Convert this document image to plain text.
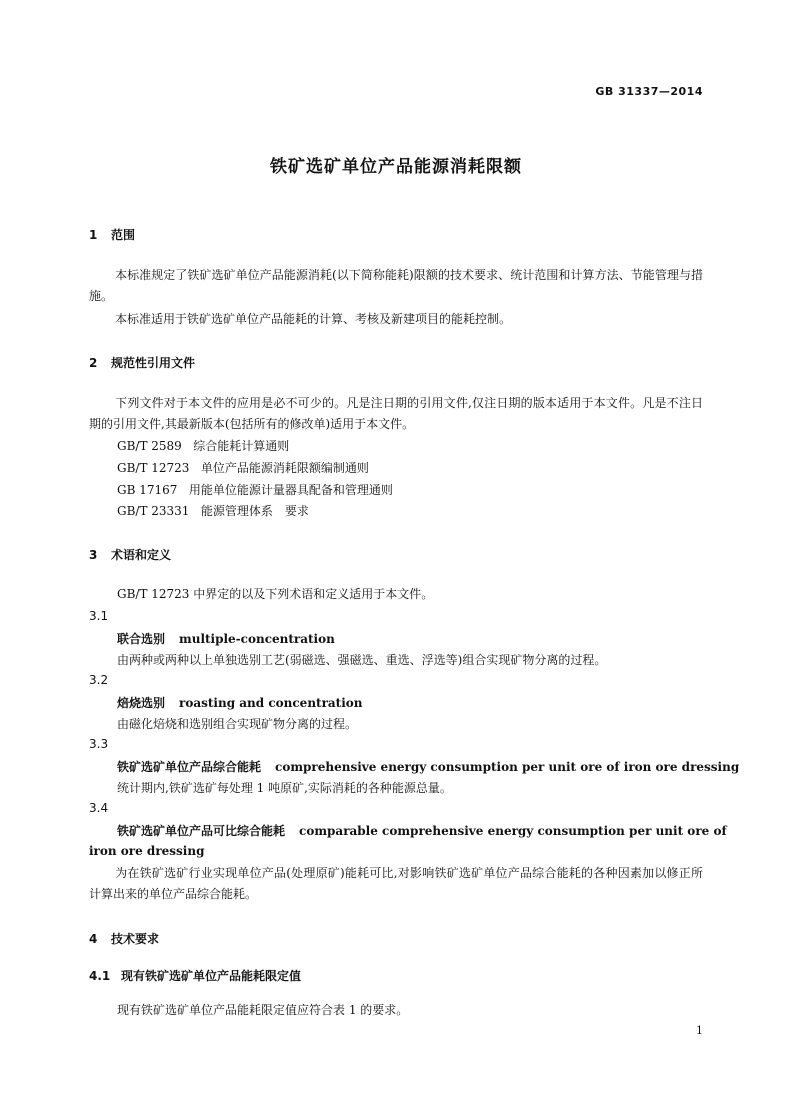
GB 31337—2014
铁矿选矿单位产品能源消耗限额
1 范围
本标准规定了铁矿选矿单位产品能源消耗(以下简称能耗)限额的技术要求、统计范围和计算方法、节能管理与措施。
本标准适用于铁矿选矿单位产品能耗的计算、考核及新建项目的能耗控制。
2 规范性引用文件
下列文件对于本文件的应用是必不可少的。凡是注日期的引用文件,仅注日期的版本适用于本文件。凡是不注日期的引用文件,其最新版本(包括所有的修改单)适用于本文件。
GB/T 2589 综合能耗计算通则
GB/T 12723 单位产品能源消耗限额编制通则
GB 17167 用能单位能源计量器具配备和管理通则
GB/T 23331 能源管理体系　要求
3 术语和定义
GB/T 12723 中界定的以及下列术语和定义适用于本文件。
3.1
联合选别 multiple-concentration
由两种或两种以上单独选别工艺(弱磁选、强磁选、重选、浮选等)组合实现矿物分离的过程。
3.2
焙烧选别 roasting and concentration
由磁化焙烧和选别组合实现矿物分离的过程。
3.3
铁矿选矿单位产品综合能耗 comprehensive energy consumption per unit ore of iron ore dressing
统计期内,铁矿选矿每处理 1 吨原矿,实际消耗的各种能源总量。
3.4
铁矿选矿单位产品可比综合能耗 comparable comprehensive energy consumption per unit ore of
iron ore dressing
为在铁矿选矿行业实现单位产品(处理原矿)能耗可比,对影响铁矿选矿单位产品综合能耗的各种因素加以修正所计算出来的单位产品综合能耗。
4 技术要求
4.1 现有铁矿选矿单位产品能耗限定值
现有铁矿选矿单位产品能耗限定值应符合表 1 的要求。
1
